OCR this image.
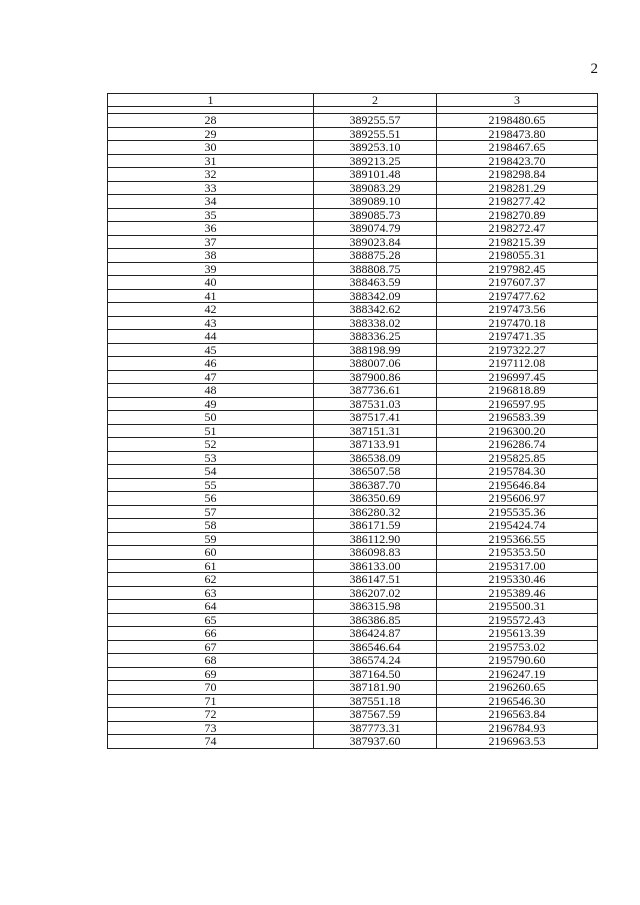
2
1	2	3

28	389255.57	2198480.65
29	389255.51	2198473.80
30	389253.10	2198467.65
31	389213.25	2198423.70
32	389101.48	2198298.84
33	389083.29	2198281.29
34	389089.10	2198277.42
35	389085.73	2198270.89
36	389074.79	2198272.47
37	389023.84	2198215.39
38	388875.28	2198055.31
39	388808.75	2197982.45
40	388463.59	2197607.37
41	388342.09	2197477.62
42	388342.62	2197473.56
43	388338.02	2197470.18
44	388336.25	2197471.35
45	388198.99	2197322.27
46	388007.06	2197112.08
47	387900.86	2196997.45
48	387736.61	2196818.89
49	387531.03	2196597.95
50	387517.41	2196583.39
51	387151.31	2196300.20
52	387133.91	2196286.74
53	386538.09	2195825.85
54	386507.58	2195784.30
55	386387.70	2195646.84
56	386350.69	2195606.97
57	386280.32	2195535.36
58	386171.59	2195424.74
59	386112.90	2195366.55
60	386098.83	2195353.50
61	386133.00	2195317.00
62	386147.51	2195330.46
63	386207.02	2195389.46
64	386315.98	2195500.31
65	386386.85	2195572.43
66	386424.87	2195613.39
67	386546.64	2195753.02
68	386574.24	2195790.60
69	387164.50	2196247.19
70	387181.90	2196260.65
71	387551.18	2196546.30
72	387567.59	2196563.84
73	387773.31	2196784.93
74	387937.60	2196963.53
